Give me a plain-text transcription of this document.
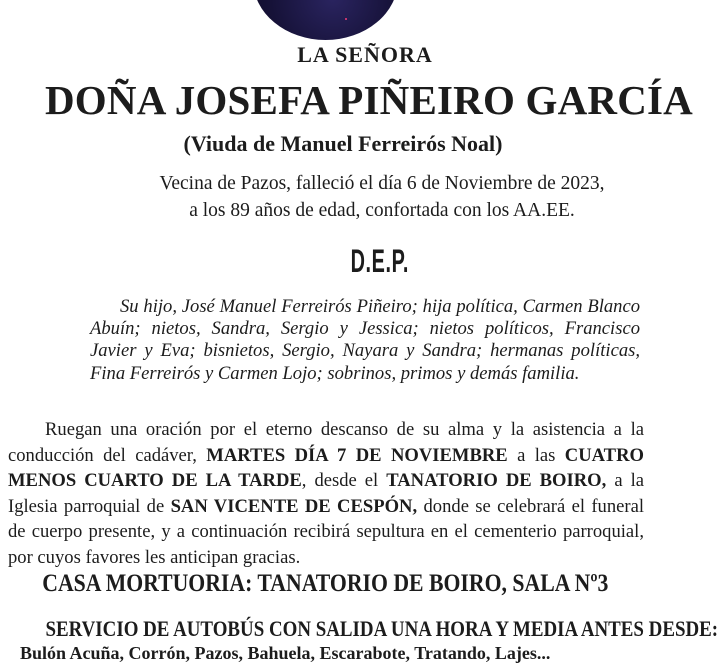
LA SEÑORA
DOÑA JOSEFA PIÑEIRO GARCÍA
(Viuda de Manuel Ferreirós Noal)
Vecina de Pazos, falleció el día 6 de Noviembre de 2023,
a los 89 años de edad, confortada con los AA.EE.
D.E.P.
Su hijo, José Manuel Ferreirós Piñeiro; hija política, Carmen Blanco Abuín; nietos, Sandra, Sergio y Jessica; nietos políticos, Francisco Javier y Eva; bisnietos, Sergio, Nayara y Sandra; hermanas políticas, Fina Ferreirós y Carmen Lojo; sobrinos, primos y demás familia.
Ruegan una oración por el eterno descanso de su alma y la asistencia a la conducción del cadáver, MARTES DÍA 7 DE NOVIEMBRE a las CUATRO MENOS CUARTO DE LA TARDE, desde el TANATORIO DE BOIRO, a la Iglesia parroquial de SAN VICENTE DE CESPÓN, donde se celebrará el funeral de cuerpo presente, y a continuación recibirá sepultura en el cementerio parroquial, por cuyos favores les anticipan gracias.
CASA MORTUORIA: TANATORIO DE BOIRO, SALA Nº3
SERVICIO DE AUTOBÚS CON SALIDA UNA HORA Y MEDIA ANTES DESDE:
Bulón Acuña, Corrón, Pazos, Bahuela, Escarabote, Tratando, Lajes...
